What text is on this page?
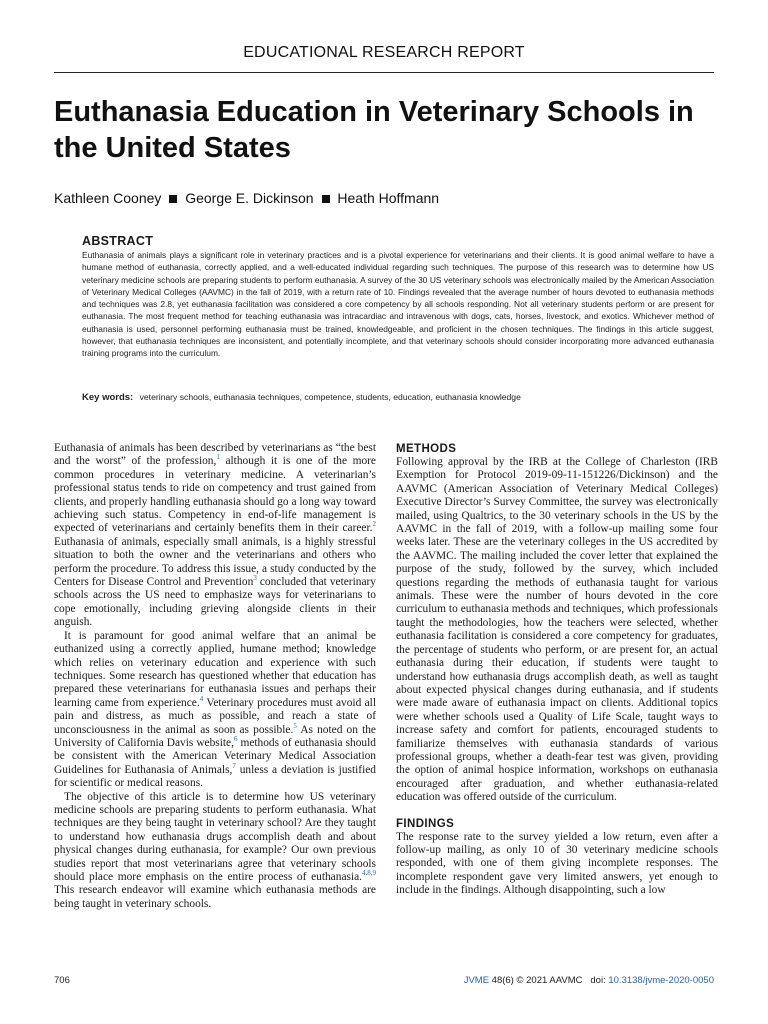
EDUCATIONAL RESEARCH REPORT
Euthanasia Education in Veterinary Schools in the United States
Kathleen Cooney George E. Dickinson Heath Hoffmann
ABSTRACT

Euthanasia of animals plays a significant role in veterinary practices and is a pivotal experience for veterinarians and their clients. It is good animal welfare to have a humane method of euthanasia, correctly applied, and a well-educated individual regarding such techniques. The purpose of this research was to determine how US veterinary medicine schools are preparing students to perform euthanasia. A survey of the 30 US veterinary schools was electronically mailed by the American Association of Veterinary Medical Colleges (AAVMC) in the fall of 2019, with a return rate of 10. Findings revealed that the average number of hours devoted to euthanasia methods and techniques was 2.8, yet euthanasia facilitation was considered a core competency by all schools responding. Not all veterinary students perform or are present for euthanasia. The most frequent method for teaching euthanasia was intracardiac and intravenous with dogs, cats, horses, livestock, and exotics. Whichever method of euthanasia is used, personnel performing euthanasia must be trained, knowledgeable, and proficient in the chosen techniques. The findings in this article suggest, however, that euthanasia techniques are inconsistent, and potentially incomplete, and that veterinary schools should consider incorporating more advanced euthanasia training programs into the curriculum.

Key words: veterinary schools, euthanasia techniques, competence, students, education, euthanasia knowledge

Euthanasia of animals has been described by veterinarians as “the best and the worst” of the profession,$^1$ although it is one of the more common procedures in veterinary medicine. A veterinarian’s professional status tends to ride on competency and trust gained from clients, and properly handling euthanasia should go a long way toward achieving such status. Competency in end-of-life management is expected of veterinarians and certainly benefits them in their career.$^2$ Euthanasia of animals, especially small animals, is a highly stressful situation to both the owner and the veterinarians and others who perform the procedure. To address this issue, a study conducted by the Centers for Disease Control and Prevention$^3$ concluded that veterinary schools across the US need to emphasize ways for veterinarians to cope emotionally, including grieving alongside clients in their anguish.

It is paramount for good animal welfare that an animal be euthanized using a correctly applied, humane method; knowledge which relies on veterinary education and experience with such techniques. Some research has questioned whether that education has prepared these veterinarians for euthanasia issues and perhaps their learning came from experience.$^4$ Veterinary procedures must avoid all pain and distress, as much as possible, and reach a state of unconsciousness in the animal as soon as possible.$^5$ As noted on the University of California Davis website,$^6$ methods of euthanasia should be consistent with the American Veterinary Medical Association Guidelines for Euthanasia of Animals,$^7$ unless a deviation is justified for scientific or medical reasons.

The objective of this article is to determine how US veterinary medicine schools are preparing students to perform euthanasia. What techniques are they being taught in veterinary school? Are they taught to understand how euthanasia drugs accomplish death and about physical changes during euthanasia, for example? Our own previous studies report that most veterinarians agree that veterinary schools should place more emphasis on the entire process of euthanasia.$^{4,8,9}$ This research endeavor will examine which euthanasia methods are being taught in veterinary schools.

METHODS

Following approval by the IRB at the College of Charleston (IRB Exemption for Protocol 2019-09-11-151226/Dickinson) and the AAVMC (American Association of Veterinary Medical Colleges) Executive Director’s Survey Committee, the survey was electronically mailed, using Qualtrics, to the 30 veterinary schools in the US by the AAVMC in the fall of 2019, with a follow-up mailing some four weeks later. These are the veterinary colleges in the US accredited by the AAVMC. The mailing included the cover letter that explained the purpose of the study, followed by the survey, which included questions regarding the methods of euthanasia taught for various animals. These were the number of hours devoted in the core curriculum to euthanasia methods and techniques, which professionals taught the methodologies, how the teachers were selected, whether euthanasia facilitation is considered a core competency for graduates, the percentage of students who perform, or are present for, an actual euthanasia during their education, if students were taught to understand how euthanasia drugs accomplish death, as well as taught about expected physical changes during euthanasia, and if students were made aware of euthanasia impact on clients. Additional topics were whether schools used a Quality of Life Scale, taught ways to increase safety and comfort for patients, encouraged students to familiarize themselves with euthanasia standards of various professional groups, whether a death-fear test was given, providing the option of animal hospice information, workshops on euthanasia encouraged after graduation, and whether euthanasia-related education was offered outside of the curriculum.

FINDINGS

The response rate to the survey yielded a low return, even after a follow-up mailing, as only 10 of 30 veterinary medicine schools responded, with one of them giving incomplete responses. The incomplete respondent gave very limited answers, yet enough to include in the findings. Although disappointing, such a low

706	JVME 48(6) © 2021 AAVMC doi: 10.3138/jvme-2020-0050
